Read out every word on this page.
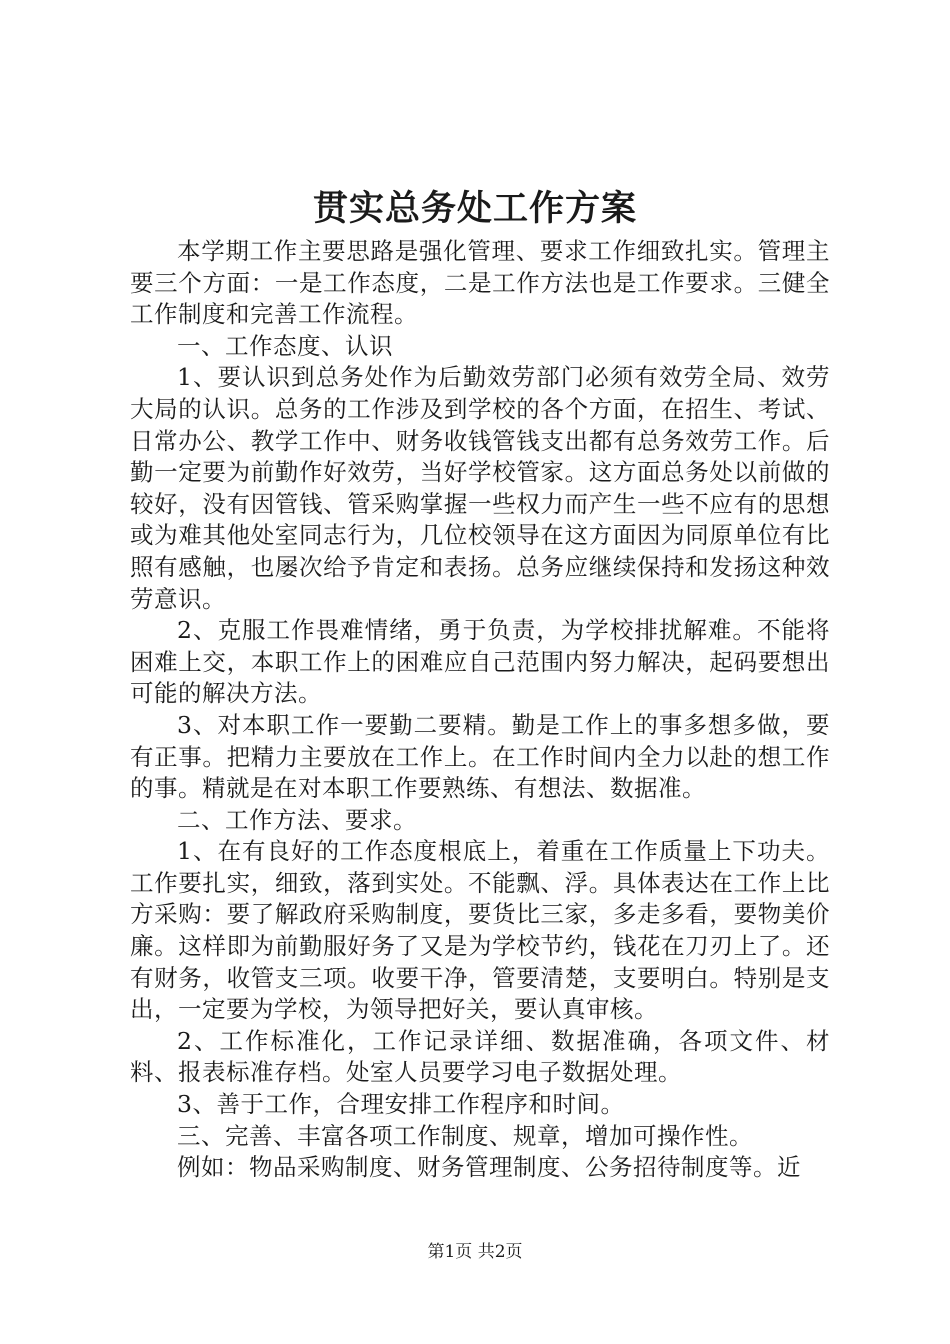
贯实总务处工作方案

本学期工作主要思路是强化管理、要求工作细致扎实。管理主要三个方面：一是工作态度，二是工作方法也是工作要求。三健全工作制度和完善工作流程。

一、工作态度、认识

1、要认识到总务处作为后勤效劳部门必须有效劳全局、效劳大局的认识。总务的工作涉及到学校的各个方面，在招生、考试、日常办公、教学工作中、财务收钱管钱支出都有总务效劳工作。后勤一定要为前勤作好效劳，当好学校管家。这方面总务处以前做的较好，没有因管钱、管采购掌握一些权力而产生一些不应有的思想或为难其他处室同志行为，几位校领导在这方面因为同原单位有比照有感触，也屡次给予肯定和表扬。总务应继续保持和发扬这种效劳意识。

2、克服工作畏难情绪，勇于负责，为学校排扰解难。不能将困难上交，本职工作上的困难应自己范围内努力解决，起码要想出可能的解决方法。

3、对本职工作一要勤二要精。勤是工作上的事多想多做，要有正事。把精力主要放在工作上。在工作时间内全力以赴的想工作的事。精就是在对本职工作要熟练、有想法、数据准。

二、工作方法、要求。

1、在有良好的工作态度根底上，着重在工作质量上下功夫。工作要扎实，细致，落到实处。不能飘、浮。具体表达在工作上比方采购：要了解政府采购制度，要货比三家，多走多看，要物美价廉。这样即为前勤服好务了又是为学校节约，钱花在刀刃上了。还有财务，收管支三项。收要干净，管要清楚，支要明白。特别是支出，一定要为学校，为领导把好关，要认真审核。

2、工作标准化，工作记录详细、数据准确，各项文件、材料、报表标准存档。处室人员要学习电子数据处理。

3、善于工作，合理安排工作程序和时间。

三、完善、丰富各项工作制度、规章，增加可操作性。

例如：物品采购制度、财务管理制度、公务招待制度等。近

第1页 共2页
